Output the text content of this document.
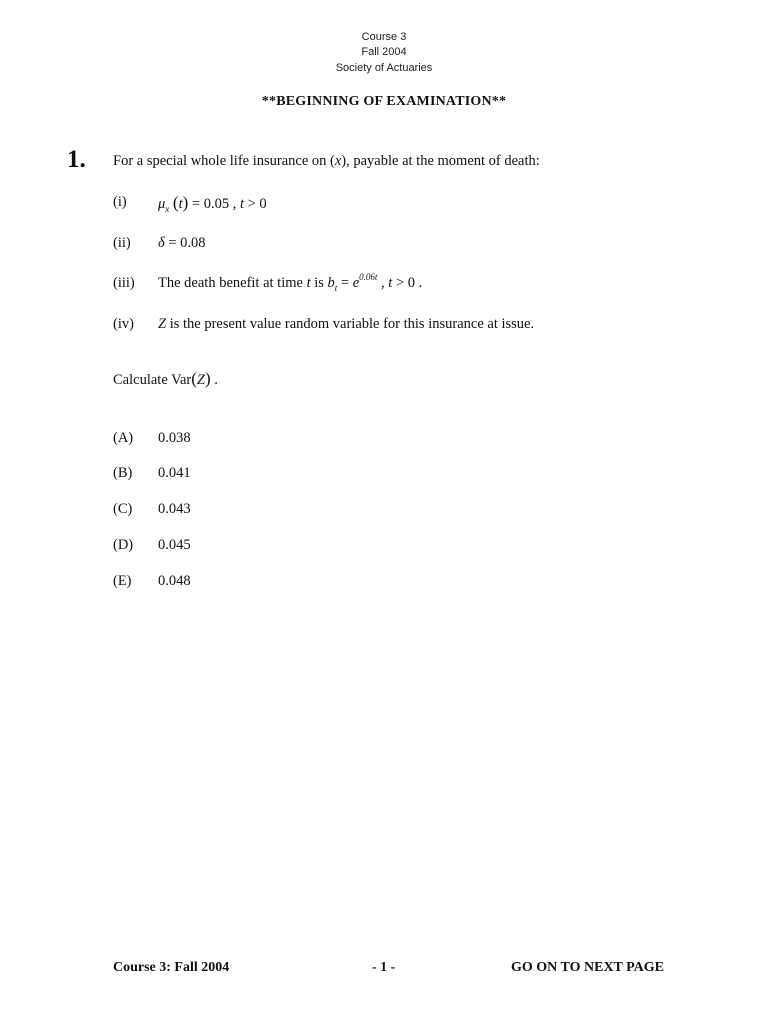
Course 3
Fall 2004
Society of Actuaries
**BEGINNING OF EXAMINATION**
1. For a special whole life insurance on (x), payable at the moment of death:
(i) $\mu_x$ (t) = 0.05 , t > 0
(ii) δ = 0.08
(iii) The death benefit at time t is $b_t = e^{0.06t}$ , t > 0 .
(iv) Z is the present value random variable for this insurance at issue.
Calculate Var(Z) .
(A) 0.038
(B) 0.041
(C) 0.043
(D) 0.045
(E) 0.048
Course 3: Fall 2004	- 1 -	GO ON TO NEXT PAGE
